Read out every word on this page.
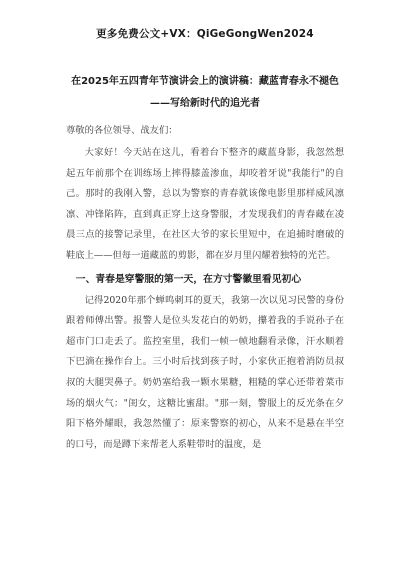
更多免费公文+VX：QiGeGongWen2024
在2025年五四青年节演讲会上的演讲稿：藏蓝青春永不褪色——写给新时代的追光者
尊敬的各位领导、战友们：

大家好！今天站在这儿，看着台下整齐的藏蓝身影，我忽然想起五年前那个在训练场上摔得膝盖渗血，却咬着牙说"我能行"的自己。那时的我刚入警，总以为警察的青春就该像电影里那样威风凛凛、冲锋陷阵，直到真正穿上这身警服，才发现我们的青春藏在凌晨三点的接警记录里，在社区大爷的家长里短中，在追捕时磨破的鞋底上——但每一道藏蓝的剪影，都在岁月里闪耀着独特的光芒。

一、青春是穿警服的第一天，在方寸警徽里看见初心

记得2020年那个蝉鸣刺耳的夏天，我第一次以见习民警的身份跟着师傅出警。报警人是位头发花白的奶奶，攥着我的手说孙子在超市门口走丢了。监控室里，我们一帧一帧地翻看录像，汗水顺着下巴滴在操作台上。三小时后找到孩子时，小家伙正抱着消防员叔叔的大腿哭鼻子。奶奶塞给我一颗水果糖，粗糙的掌心还带着菜市场的烟火气："闺女，这糖比蜜甜。"那一刻，警服上的反光条在夕阳下格外耀眼，我忽然懂了：原来警察的初心，从来不是悬在半空的口号，而是蹲下来帮老人系鞋带时的温度，是
